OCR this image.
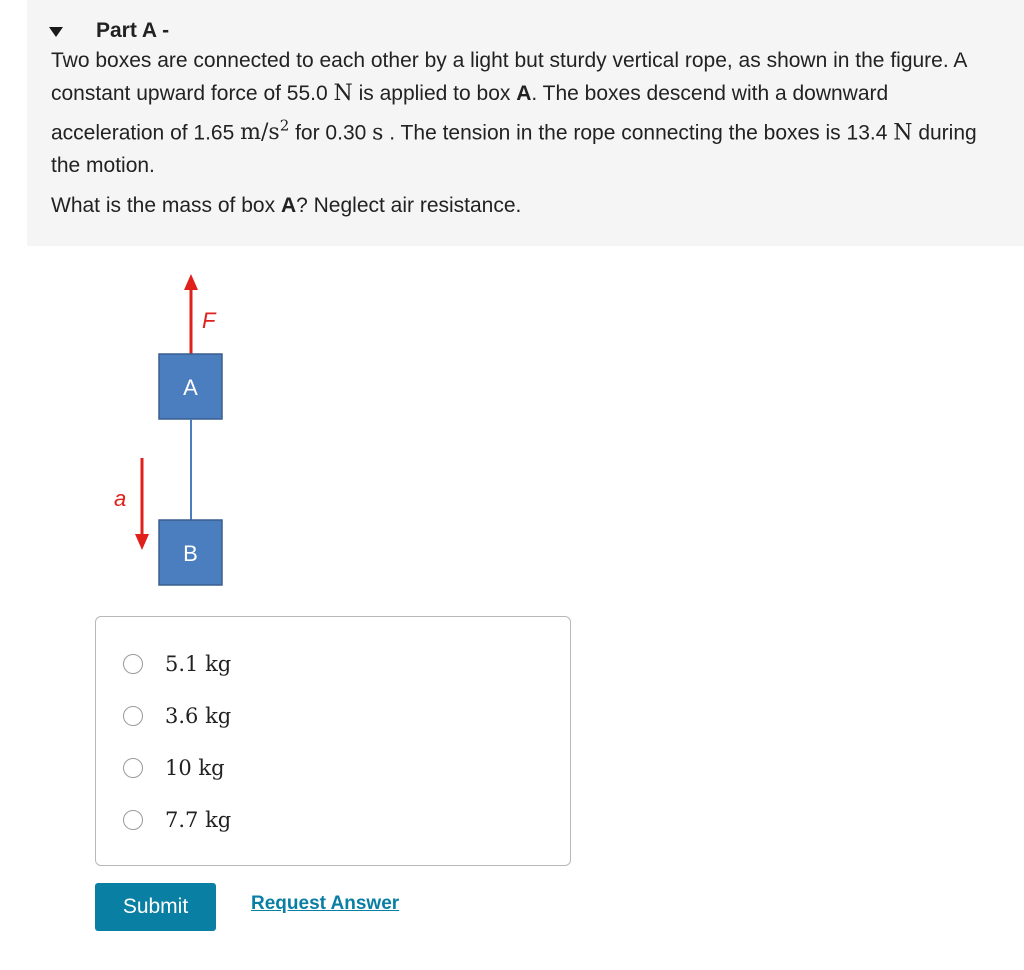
Part A -
Two boxes are connected to each other by a light but sturdy vertical rope, as shown in the figure. A constant upward force of 55.0 N is applied to box A. The boxes descend with a downward acceleration of 1.65 $m/s^2$ for 0.30 s . The tension in the rope connecting the boxes is 13.4 N during the motion.
What is the mass of box A? Neglect air resistance.
F
A
B
a
5.1 kg
3.6 kg
10 kg
7.7 kg
Submit	Request Answer
